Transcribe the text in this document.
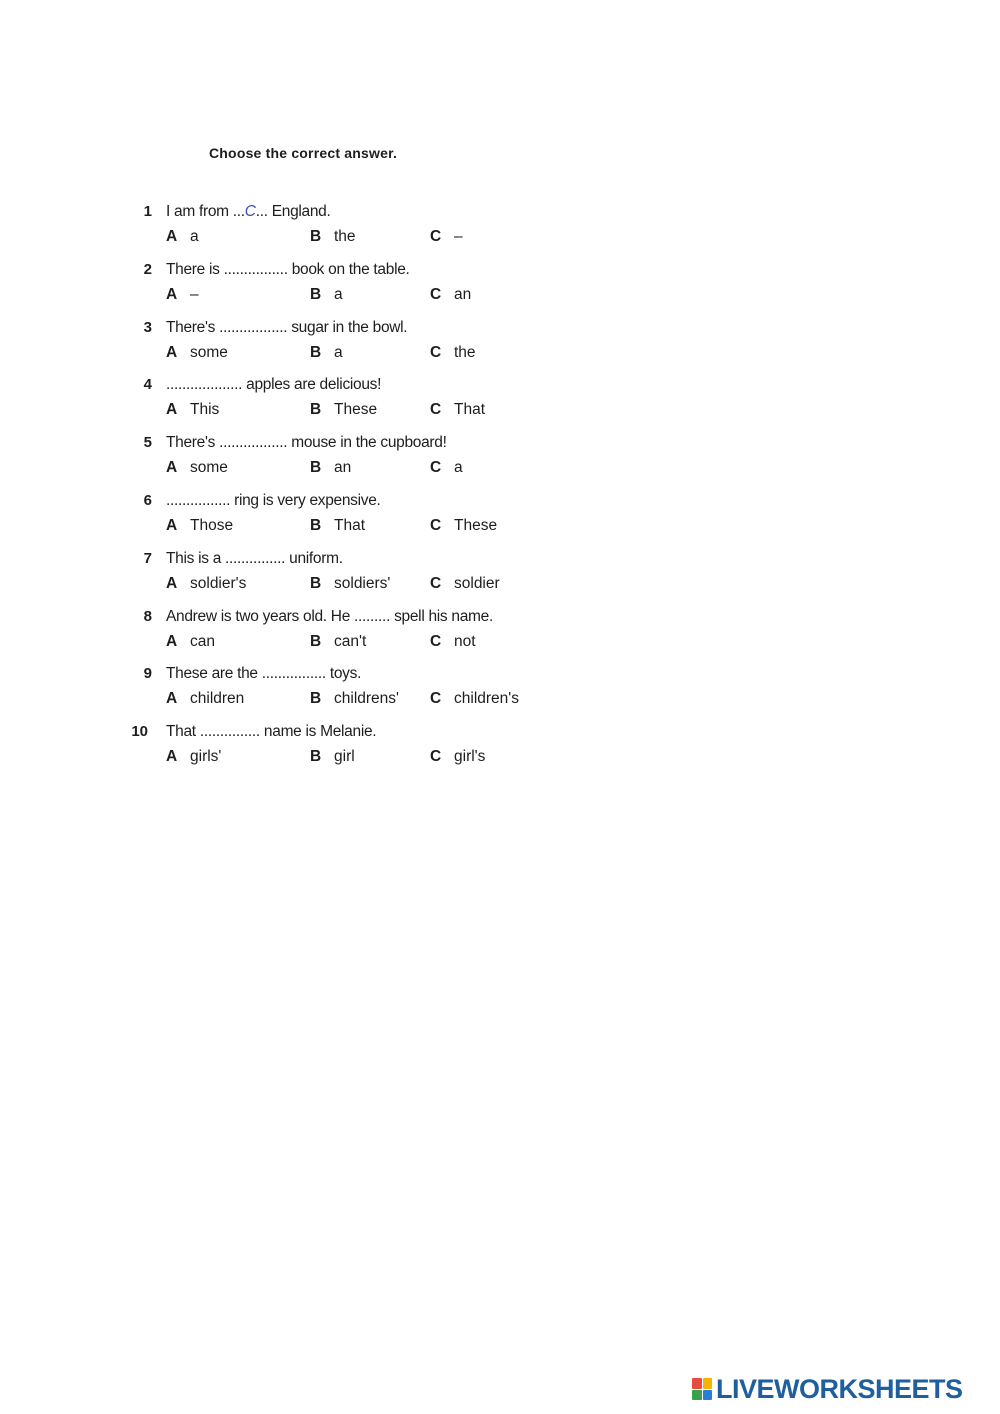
Choose the correct answer.
1 I am from ...C... England.
A a	B the	C –
2 There is ................ book on the table.
A –	B a	C an
3 There's ................. sugar in the bowl.
A some	B a	C the
4 ................... apples are delicious!
A This	B These	C That
5 There's ................. mouse in the cupboard!
A some	B an	C a
6 ................ ring is very expensive.
A Those	B That	C These
7 This is a ............... uniform.
A soldier's	B soldiers'	C soldier
8 Andrew is two years old. He ......... spell his name.
A can	B can't	C not
9 These are the ................ toys.
A children	B childrens' C children's
10 That ............... name is Melanie.
A girls'	B girl	C girl's
LIVEWORKSHEETS
